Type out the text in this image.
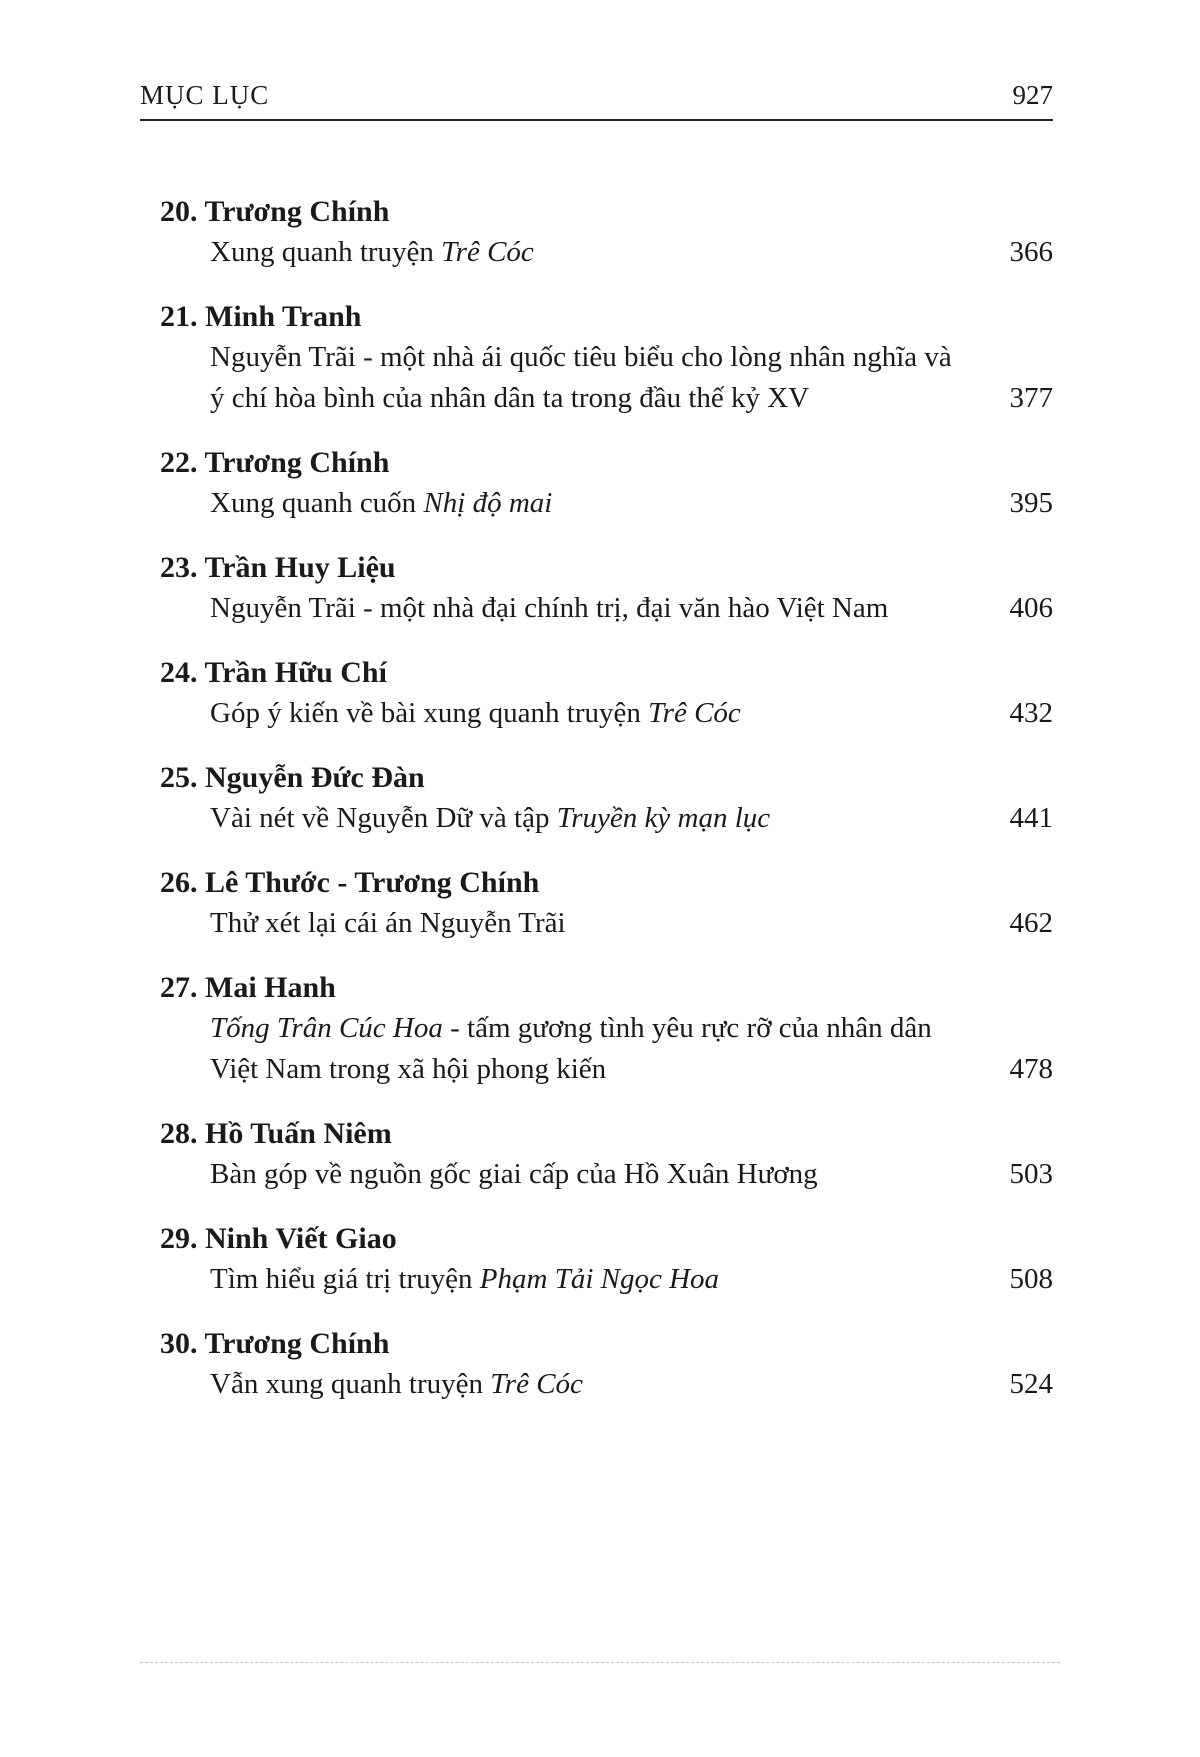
MỤC LỤC	927
20. Trương Chính
Xung quanh truyện Trê Cóc	366
21. Minh Tranh
Nguyễn Trãi - một nhà ái quốc tiêu biểu cho lòng nhân nghĩa và ý chí hòa bình của nhân dân ta trong đầu thế kỷ XV	377
22. Trương Chính
Xung quanh cuốn Nhị độ mai	395
23. Trần Huy Liệu
Nguyễn Trãi - một nhà đại chính trị, đại văn hào Việt Nam	406
24. Trần Hữu Chí
Góp ý kiến về bài xung quanh truyện Trê Cóc	432
25. Nguyễn Đức Đàn
Vài nét về Nguyễn Dữ và tập Truyền kỳ mạn lục	441
26. Lê Thước - Trương Chính
Thử xét lại cái án Nguyễn Trãi	462
27. Mai Hanh
Tống Trân Cúc Hoa - tấm gương tình yêu rực rỡ của nhân dân Việt Nam trong xã hội phong kiến	478
28. Hồ Tuấn Niêm
Bàn góp về nguồn gốc giai cấp của Hồ Xuân Hương	503
29. Ninh Viết Giao
Tìm hiểu giá trị truyện Phạm Tải Ngọc Hoa	508
30. Trương Chính
Vẫn xung quanh truyện Trê Cóc	524
